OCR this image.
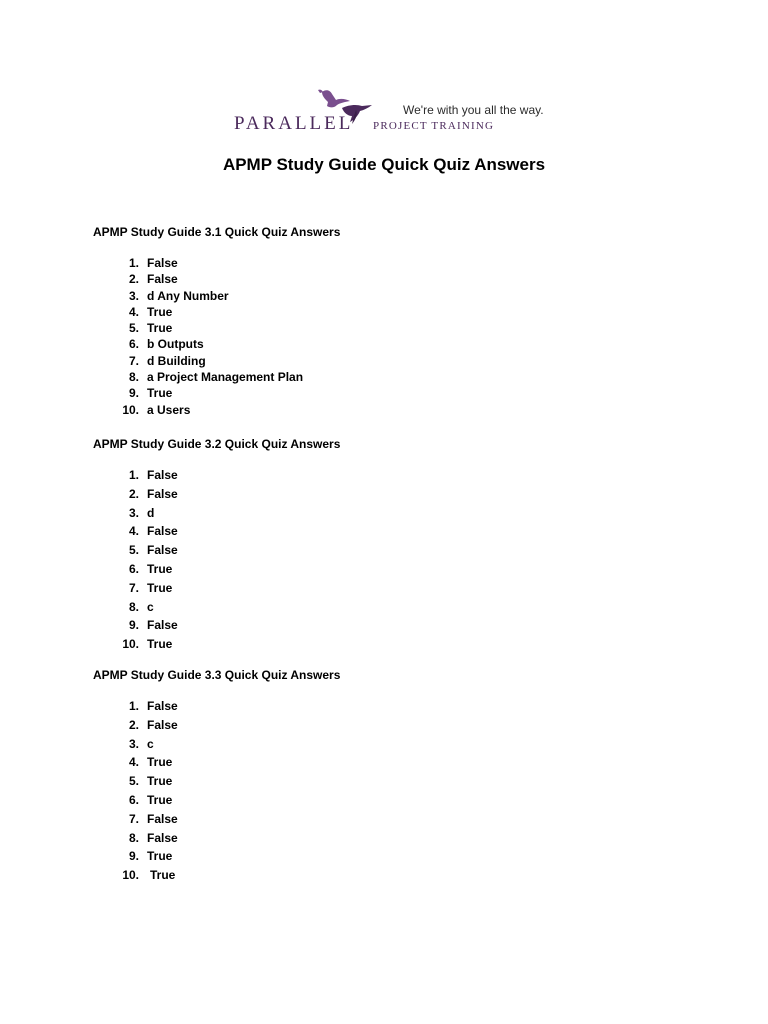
PARALLEL
We're with you all the way.
PROJECT TRAINING
APMP Study Guide Quick Quiz Answers
APMP Study Guide 3.1 Quick Quiz Answers
1. False
2. False
3. d Any Number
4. True
5. True
6. b Outputs
7. d Building
8. a Project Management Plan
9. True
10. a Users
APMP Study Guide 3.2 Quick Quiz Answers
1. False
2. False
3. d
4. False
5. False
6. True
7. True
8. c
9. False
10. True
APMP Study Guide 3.3 Quick Quiz Answers
1. False
2. False
3. c
4. True
5. True
6. True
7. False
8. False
9. True
10. True
